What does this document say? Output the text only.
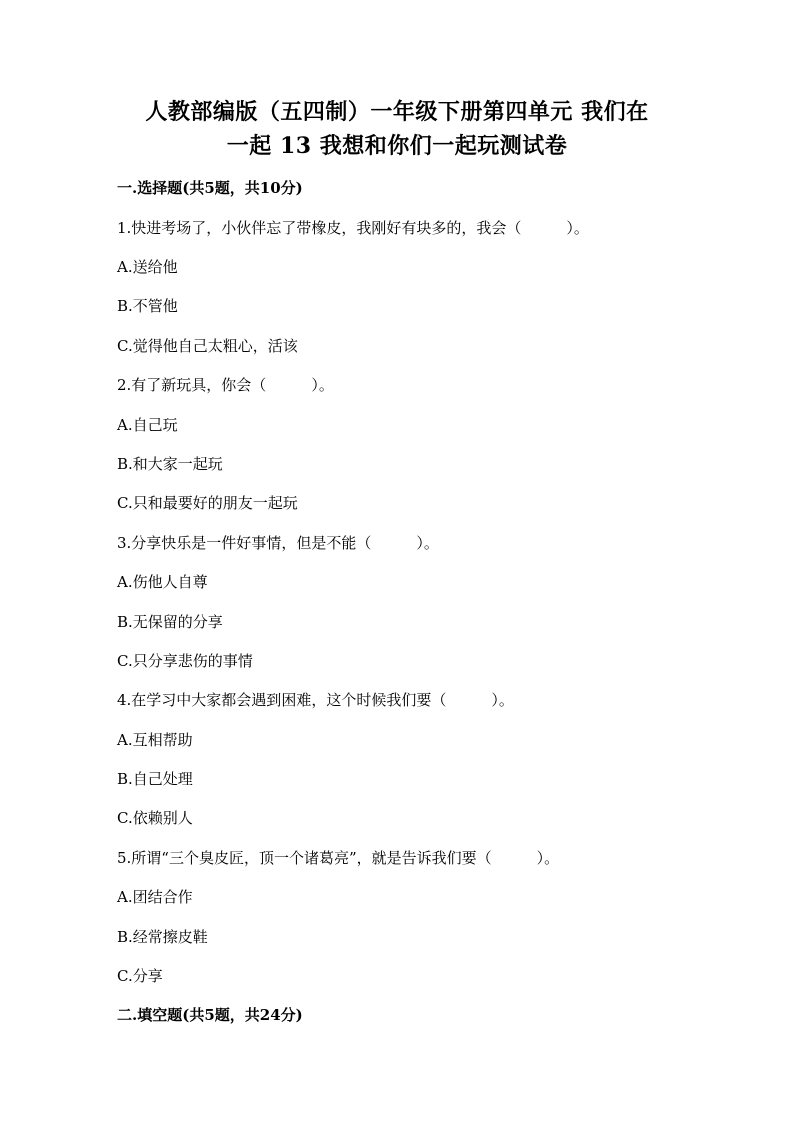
人教部编版（五四制）一年级下册第四单元 我们在
一起 13 我想和你们一起玩测试卷
一.选择题(共5题，共10分)
1.快进考场了，小伙伴忘了带橡皮，我刚好有块多的，我会（　　　）。
A.送给他
B.不管他
C.觉得他自己太粗心，活该
2.有了新玩具，你会（　　　）。
A.自己玩
B.和大家一起玩
C.只和最要好的朋友一起玩
3.分享快乐是一件好事情，但是不能（　　　）。
A.伤他人自尊
B.无保留的分享
C.只分享悲伤的事情
4.在学习中大家都会遇到困难，这个时候我们要（　　　）。
A.互相帮助
B.自己处理
C.依赖别人
5.所谓“三个臭皮匠，顶一个诸葛亮”，就是告诉我们要（　　　）。
A.团结合作
B.经常擦皮鞋
C.分享
二.填空题(共5题，共24分)
